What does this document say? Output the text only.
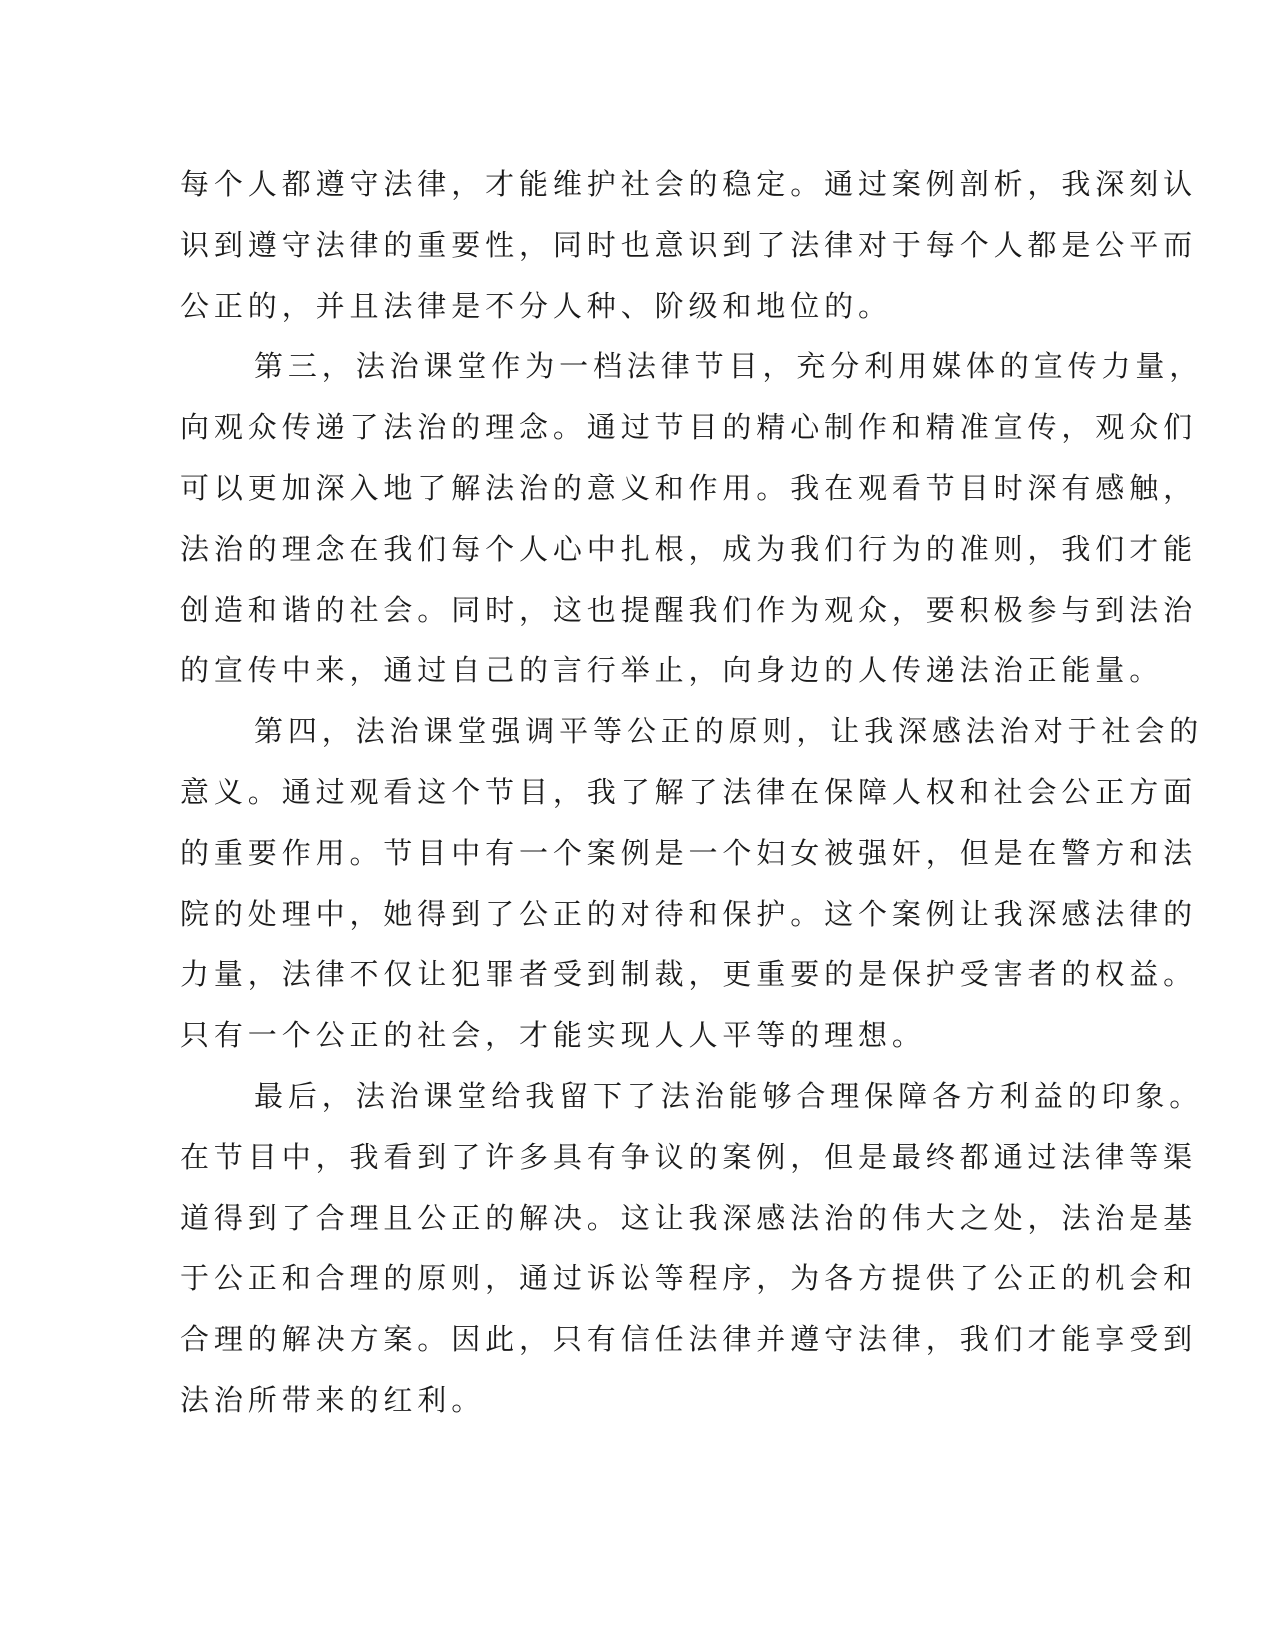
每个人都遵守法律，才能维护社会的稳定。通过案例剖析，我深刻认
识到遵守法律的重要性，同时也意识到了法律对于每个人都是公平而
公正的，并且法律是不分人种、阶级和地位的。
第三，法治课堂作为一档法律节目，充分利用媒体的宣传力量，
向观众传递了法治的理念。通过节目的精心制作和精准宣传，观众们
可以更加深入地了解法治的意义和作用。我在观看节目时深有感触，
法治的理念在我们每个人心中扎根，成为我们行为的准则，我们才能
创造和谐的社会。同时，这也提醒我们作为观众，要积极参与到法治
的宣传中来，通过自己的言行举止，向身边的人传递法治正能量。
第四，法治课堂强调平等公正的原则，让我深感法治对于社会的
意义。通过观看这个节目，我了解了法律在保障人权和社会公正方面
的重要作用。节目中有一个案例是一个妇女被强奸，但是在警方和法
院的处理中，她得到了公正的对待和保护。这个案例让我深感法律的
力量，法律不仅让犯罪者受到制裁，更重要的是保护受害者的权益。
只有一个公正的社会，才能实现人人平等的理想。
最后，法治课堂给我留下了法治能够合理保障各方利益的印象。
在节目中，我看到了许多具有争议的案例，但是最终都通过法律等渠
道得到了合理且公正的解决。这让我深感法治的伟大之处，法治是基
于公正和合理的原则，通过诉讼等程序，为各方提供了公正的机会和
合理的解决方案。因此，只有信任法律并遵守法律，我们才能享受到
法治所带来的红利。
